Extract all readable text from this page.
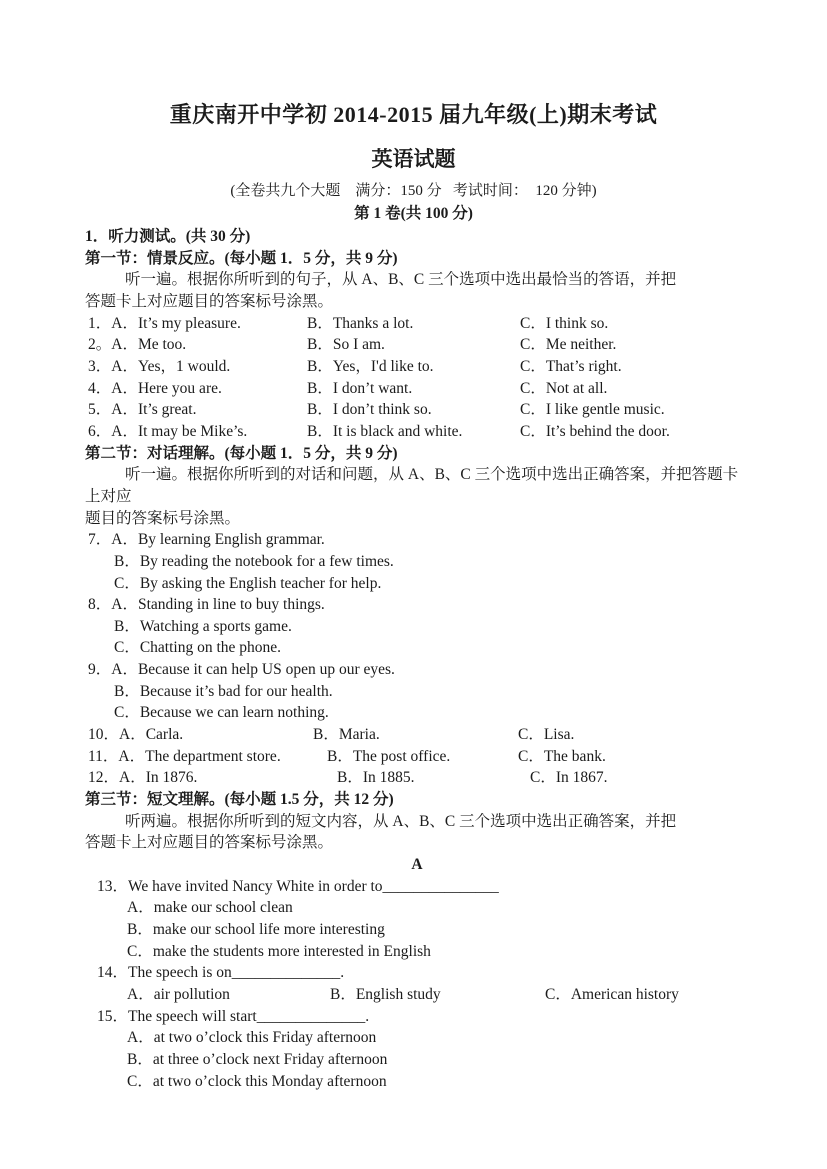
重庆南开中学初 2014-2015 届九年级(上)期末考试
英语试题
(全卷共九个大题    满分：150 分   考试时间：  120 分钟)
第 1 卷(共 100 分)
1．听力测试。(共 30 分)
第一节：情景反应。(每小题 1．5 分，共 9 分)
听一遍。根据你所听到的句子，从 A、B、C 三个选项中选出最恰当的答语，并把
答题卡上对应题目的答案标号涂黑。
1．A．It’s my pleasure.	B．Thanks a lot.	C．I think so.
2。A．Me too.	B．So I am.	C．Me neither.
3．A．Yes，1 would.	B．Yes，I'd like to.	C．That’s right.
4．A．Here you are.	B．I don’t want.	C．Not at all.
5．A．It’s great.	B．I don’t think so.	C．I like gentle music.
6．A．It may be Mike’s.	B．It is black and white.	C．It’s behind the door.
第二节：对话理解。(每小题 1．5 分，共 9 分)
听一遍。根据你所听到的对话和问题，从 A、B、C 三个选项中选出正确答案，并把答题卡上对应
题目的答案标号涂黑。
7．A．By learning English grammar.
B．By reading the notebook for a few times.
C．By asking the English teacher for help.
8．A．Standing in line to buy things.
B．Watching a sports game.
C．Chatting on the phone.
9．A．Because it can help US open up our eyes.
B．Because it’s bad for our health.
C．Because we can learn nothing.
10．A．Carla.	B．Maria.	C．Lisa.
11．A．The department store.	B．The post office.	C．The bank.
12．A．In 1876.	B．In 1885.	C．In 1867.
第三节：短文理解。(每小题 1.5 分，共 12 分)
听两遍。根据你所听到的短文内容，从 A、B、C 三个选项中选出正确答案，并把
答题卡上对应题目的答案标号涂黑。
A
13．We have invited Nancy White in order to_______________
A．make our school clean
B．make our school life more interesting
C．make the students more interested in English
14．The speech is on______________.
A．air pollution	B．English study	C．American history
15．The speech will start______________.
A．at two o’clock this Friday afternoon
B．at three o’clock next Friday afternoon
C．at two o’clock this Monday afternoon
